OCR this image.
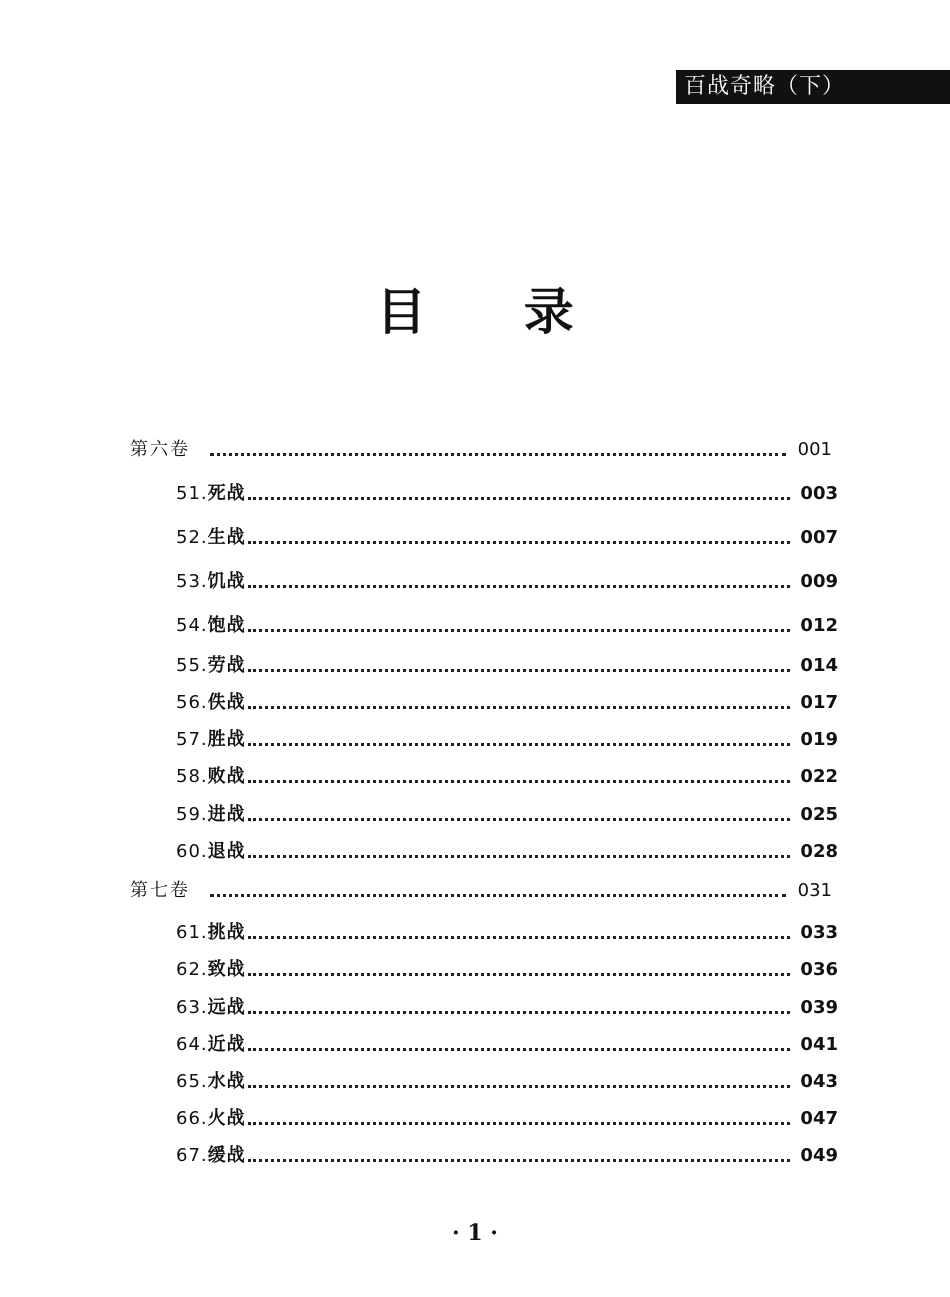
百战奇略（下）
目 录
第六卷	001
51.死战	003
52.生战	007
53.饥战	009
54.饱战	012
55.劳战	014
56.佚战	017
57.胜战	019
58.败战	022
59.进战	025
60.退战	028
第七卷	031
61.挑战	033
62.致战	036
63.远战	039
64.近战	041
65.水战	043
66.火战	047
67.缓战	049
· 1 ·
